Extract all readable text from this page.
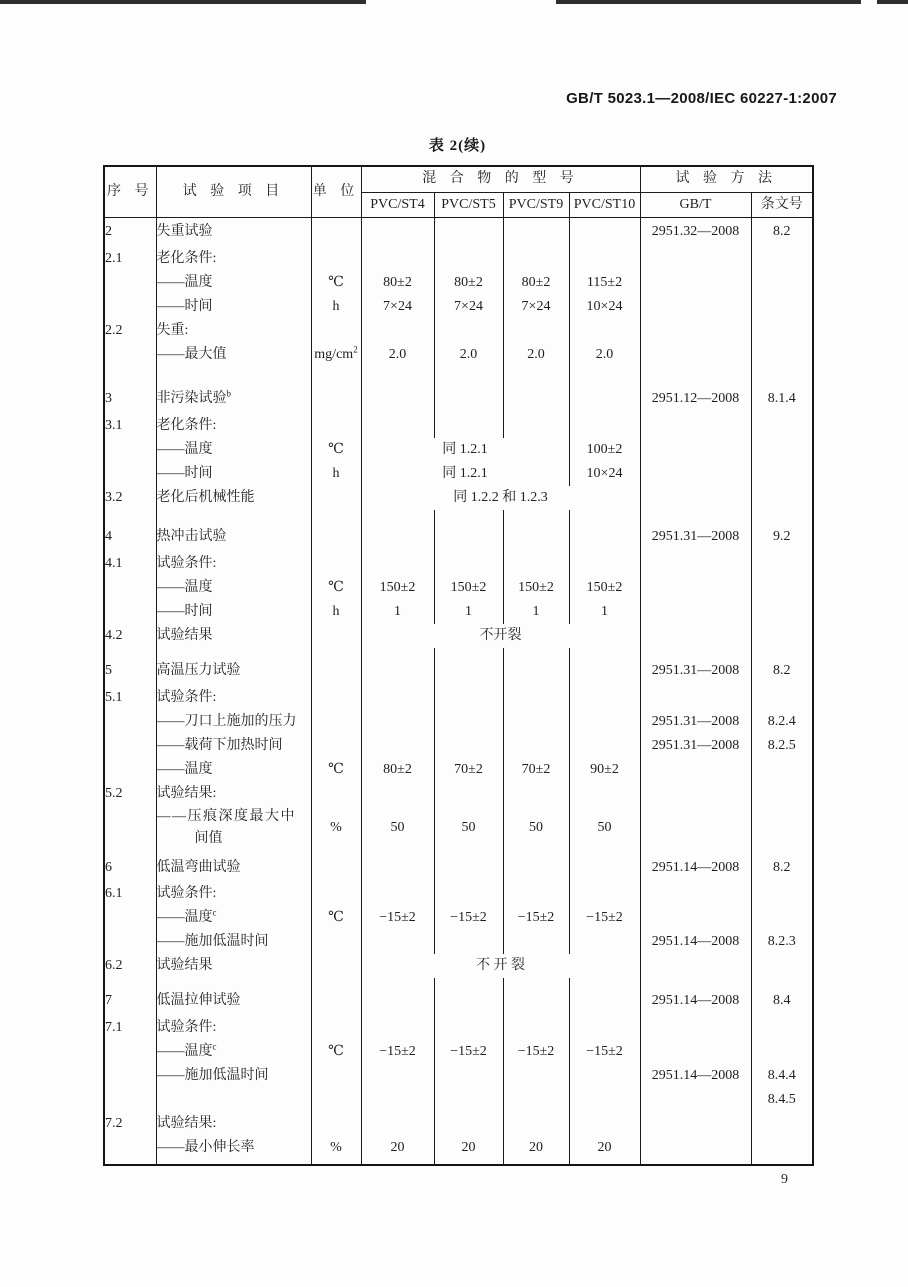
GB/T 5023.1—2008/IEC 60227-1:2007
表 2(续)
序 号	试 验 项 目	单 位	混 合 物 的 型 号				试 验 方 法	
			PVC/ST4	PVC/ST5	PVC/ST9	PVC/ST10	GB/T	条文号
2	失重试验						2951.32—2008	8.2
2.1	老化条件:							
	——温度	℃	80±2	80±2	80±2	115±2		
	——时间	h	7×24	7×24	7×24	10×24		
2.2	失重:							
	——最大值	$mg/cm^2$	2.0	2.0	2.0	2.0		

3	非污染试验$^b$						2951.12—2008	8.1.4
3.1	老化条件:							
	——温度	℃	同 1.2.1			100±2		
	——时间	h	同 1.2.1			10×24		
3.2	老化后机械性能		同 1.2.2 和 1.2.3					

4	热冲击试验						2951.31—2008	9.2
4.1	试验条件:							
	——温度	℃	150±2	150±2	150±2	150±2		
	——时间	h	1	1	1	1		
4.2	试验结果		不开裂					

5	高温压力试验						2951.31—2008	8.2
5.1	试验条件:							
	——刀口上施加的压力						2951.31—2008	8.2.4
	——载荷下加热时间						2951.31—2008	8.2.5
	——温度	℃	80±2	70±2	70±2	90±2		
5.2	试验结果:							
	——压痕深度最大中
间值	%	50	50	50	50		

6	低温弯曲试验						2951.14—2008	8.2
6.1	试验条件:							
	——温度$^c$	℃	−15±2	−15±2	−15±2	−15±2		
	——施加低温时间						2951.14—2008	8.2.3
6.2	试验结果		不 开 裂					

7	低温拉伸试验						2951.14—2008	8.4
7.1	试验条件:							
	——温度$^c$	℃	−15±2	−15±2	−15±2	−15±2		
	——施加低温时间						2951.14—2008	8.4.4
								8.4.5
7.2	试验结果:							
	——最小伸长率	%	20	20	20	20		

9
